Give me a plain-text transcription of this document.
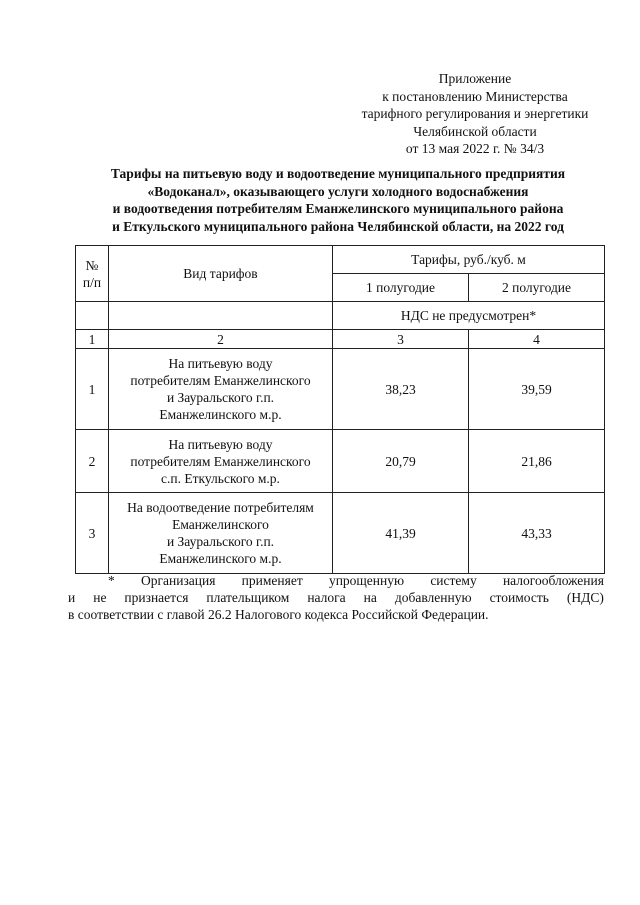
Приложение
к постановлению Министерства
тарифного регулирования и энергетики
Челябинской области
от 13 мая 2022 г. № 34/3
Тарифы на питьевую воду и водоотведение муниципального предприятия
«Водоканал», оказывающего услуги холодного водоснабжения
и водоотведения потребителям Еманжелинского муниципального района
и Еткульского муниципального района Челябинской области, на 2022 год
№
п/п	Вид тарифов	Тарифы, руб./куб. м	
		1 полугодие	2 полугодие
		НДС не предусмотрен*	
1	2	3	4
1	На питьевую воду
потребителям Еманжелинского
и Зауральского г.п.
Еманжелинского м.р.	38,23	39,59
2	На питьевую воду
потребителям Еманжелинского
с.п. Еткульского м.р.	20,79	21,86
3	На водоотведение потребителям
Еманжелинского
и Зауральского г.п.
Еманжелинского м.р.	41,39	43,33
* Организация применяет упрощенную систему налогообложения
и не признается плательщиком налога на добавленную стоимость (НДС)
в соответствии с главой 26.2 Налогового кодекса Российской Федерации.
